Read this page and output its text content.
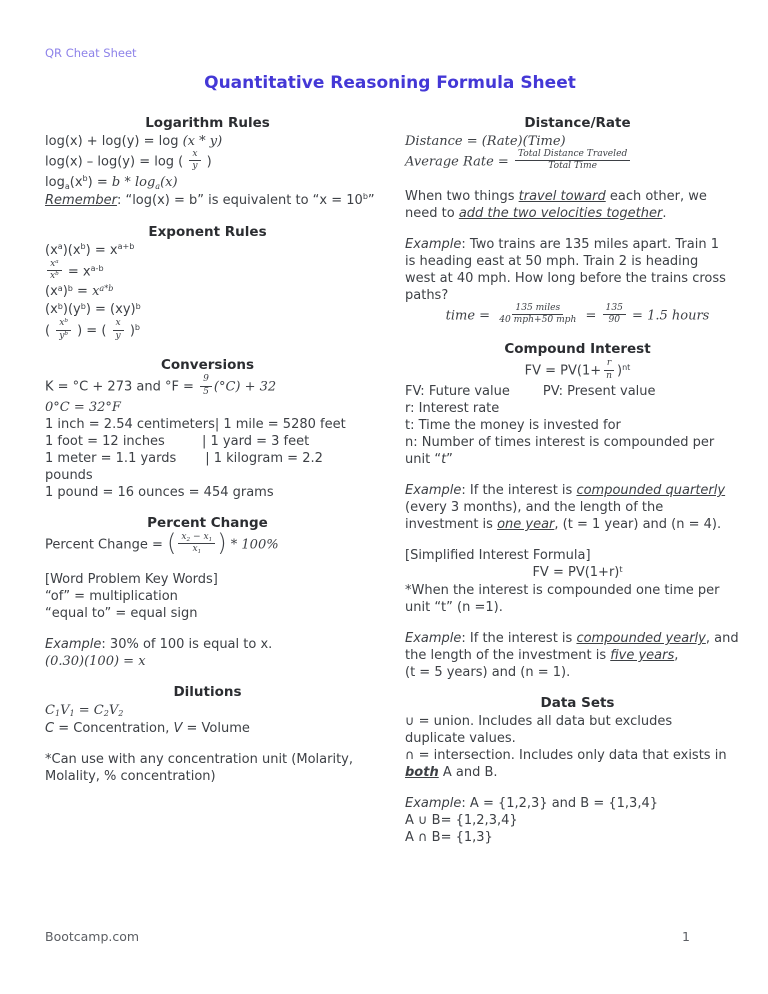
QR Cheat Sheet
Quantitative Reasoning Formula Sheet
Logarithm Rules
log(x) + log(y) = log (x * y)
log(x) – log(y) = log ( $\frac{x}{y}$ )
$\log_a(x^b) = b * \log_a(x)$
Remember: “log(x) = b” is equivalent to “$x = 10^b$”
Exponent Rules
$(x^a)(x^b) = x^{a+b}$
$\frac{x^a}{x^b} = x^{a-b}$
$(x^a)^b = x^{a*b}$
$(x^b)(y^b) = (xy)^b$
( $\frac{x^b}{y^b}$ ) = ( $\frac{x}{y} )^b$
Conversions
K = °C + 273 and $^\circ F = \frac{9}{5} (^\circ C) + 32$
0°C = 32°F
1 inch = 2.54 centimeters| 1 mile = 5280 feet
1 foot = 12 inches         | 1 yard = 3 feet
1 meter = 1.1 yards       | 1 kilogram = 2.2
pounds
1 pound = 16 ounces = 454 grams
Percent Change
Percent Change = ( $\frac{x_2 - x_1}{x_1}$ ) * 100%
[Word Problem Key Words]
“of” = multiplication
“equal to” = equal sign
Example: 30% of 100 is equal to x.
(0.30)(100) = x
Dilutions
$C_1V_1 = C_2V_2$
C = Concentration, V = Volume
*Can use with any concentration unit (Molarity,
Molality, % concentration)
Distance/Rate
Distance = (Rate)(Time)
Average Rate = $\frac{\text{Total Distance Traveled}}{\text{Total Time}}$
When two things travel toward each other, we
need to add the two velocities together.
Example: Two trains are 135 miles apart. Train 1
is heading east at 50 mph. Train 2 is heading
west at 40 mph. How long before the trains cross
paths?
time = $\frac{\text{135 miles}}{\text{40 mph+50 mph}} = \frac{135}{90} = 1.5$ hours
Compound Interest
FV = $PV(1+ \frac{r}{n} )^{nt}$
FV: Future value        PV: Present value
r: Interest rate
t: Time the money is invested for
n: Number of times interest is compounded per
unit “t”
Example: If the interest is compounded quarterly
(every 3 months), and the length of the
investment is one year, (t = 1 year) and (n = 4).
[Simplified Interest Formula]
FV = $PV(1+r)^t$
*When the interest is compounded one time per
unit “t” (n =1).
Example: If the interest is compounded yearly, and
the length of the investment is five years,
(t = 5 years) and (n = 1).
Data Sets
∪ = union. Includes all data but excludes
duplicate values.
∩ = intersection. Includes only data that exists in
both A and B.
Example: A = {1,2,3} and B = {1,3,4}
A ∪ B= {1,2,3,4}
A ∩ B= {1,3}
Bootcamp.com	1
